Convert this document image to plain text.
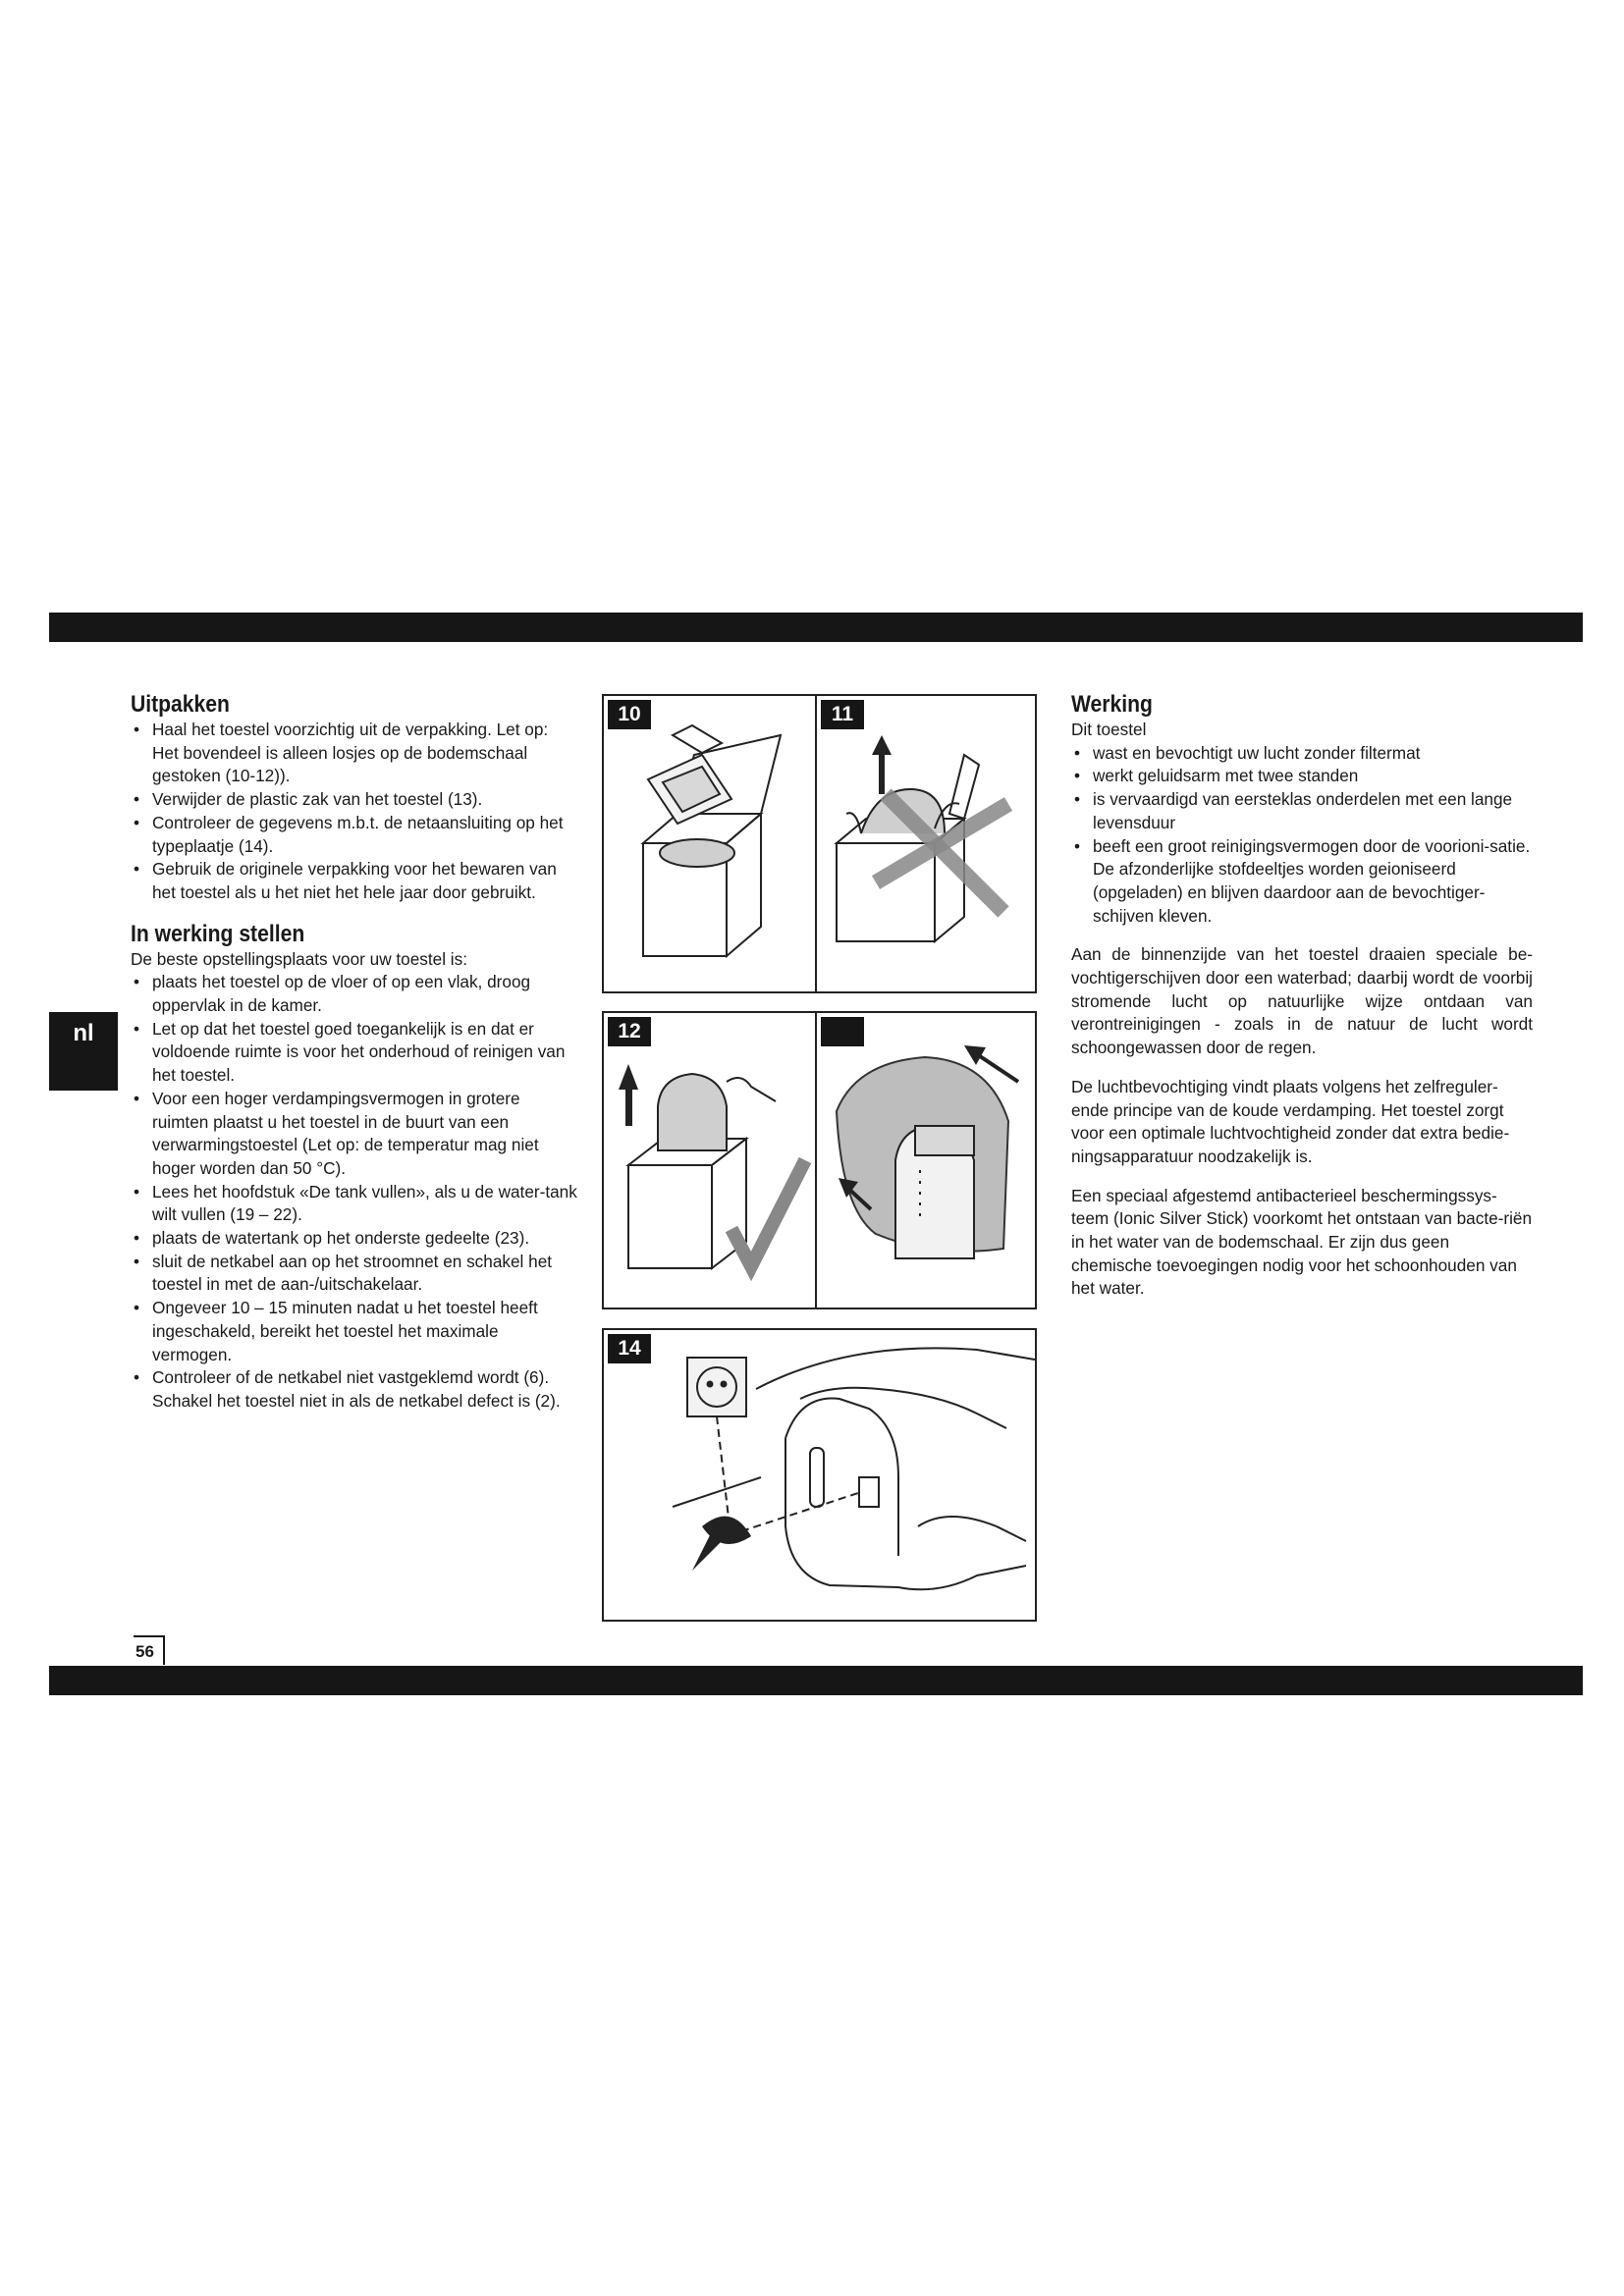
nl
Uitpakken
• Haal het toestel voorzichtig uit de verpakking. Let op: Het bovendeel is alleen losjes op de bodemschaal gestoken (10-12)).
• Verwijder de plastic zak van het toestel (13).
• Controleer de gegevens m.b.t. de netaansluiting op het typeplaatje (14).
• Gebruik de originele verpakking voor het bewaren van het toestel als u het niet het hele jaar door gebruikt.
In werking stellen

De beste opstellingsplaats voor uw toestel is:

• plaats het toestel op de vloer of op een vlak, droog oppervlak in de kamer.
• Let op dat het toestel goed toegankelijk is en dat er voldoende ruimte is voor het onderhoud of reinigen van het toestel.
• Voor een hoger verdampingsvermogen in grotere ruimten plaatst u het toestel in de buurt van een verwarmingstoestel (Let op: de temperatur mag niet hoger worden dan 50 °C).
• Lees het hoofdstuk «De tank vullen», als u de water-tank wilt vullen (19 – 22).
• plaats de watertank op het onderste gedeelte (23).
• sluit de netkabel aan op het stroomnet en schakel het toestel in met de aan-/uitschakelaar.
• Ongeveer 10 – 15 minuten nadat u het toestel heeft ingeschakeld, bereikt het toestel het maximale vermogen.
• Controleer of de netkabel niet vastgeklemd wordt (6). Schakel het toestel niet in als de netkabel defect is (2).
10	11
12
14
Werking

Dit toestel

• wast en bevochtigt uw lucht zonder filtermat
• werkt geluidsarm met twee standen
• is vervaardigd van eersteklas onderdelen met een lange levensduur
• beeft een groot reinigingsvermogen door de voorioni-satie. De afzonderlijke stofdeeltjes worden geioniseerd (opgeladen) en blijven daardoor aan de bevochtiger-schijven kleven.

Aan de binnenzijde van het toestel draaien speciale be-vochtigerschijven door een waterbad; daarbij wordt de voorbij stromende lucht op natuurlijke wijze ontdaan van verontreinigingen - zoals in de natuur de lucht wordt schoongewassen door de regen.

De luchtbevochtiging vindt plaats volgens het zelfreguler-ende principe van de koude verdamping. Het toestel zorgt voor een optimale luchtvochtigheid zonder dat extra bedie-ningsapparatuur noodzakelijk is.

Een speciaal afgestemd antibacterieel beschermingssys-teem (Ionic Silver Stick) voorkomt het ontstaan van bacte-riën in het water van de bodemschaal. Er zijn dus geen chemische toevoegingen nodig voor het schoonhouden van het water.

56
